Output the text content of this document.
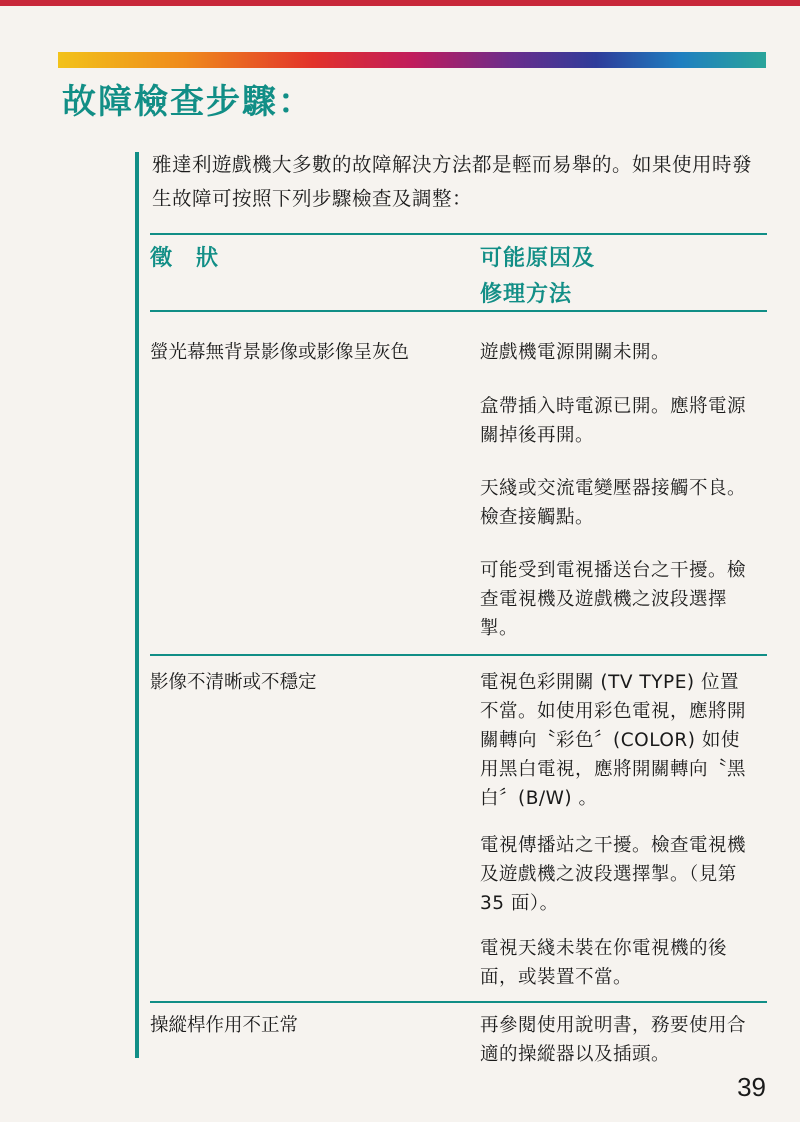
故障檢查步驟：

雅達利遊戲機大多數的故障解決方法都是輕而易舉的。如果使用時發生故障可按照下列步驟檢查及調整：

徵　狀	可能原因及
修理方法

螢光幕無背景影像或影像呈灰色	遊戲機電源開關未開。

盒帶插入時電源已開。應將電源關掉後再開。

天綫或交流電變壓器接觸不良。檢查接觸點。

可能受到電視播送台之干擾。檢查電視機及遊戲機之波段選擇掣。

影像不清晰或不穩定	電視色彩開關 (TV TYPE) 位置不當。如使用彩色電視，應將開關轉向〝彩色〞(COLOR) 如使用黑白電視，應將開關轉向〝黑白〞(B/W) 。

電視傳播站之干擾。檢查電視機及遊戲機之波段選擇掣。（見第 35 面）。

電視天綫未裝在你電視機的後面，或裝置不當。

操縱桿作用不正常	再參閱使用說明書，務要使用合適的操縱器以及插頭。

39
